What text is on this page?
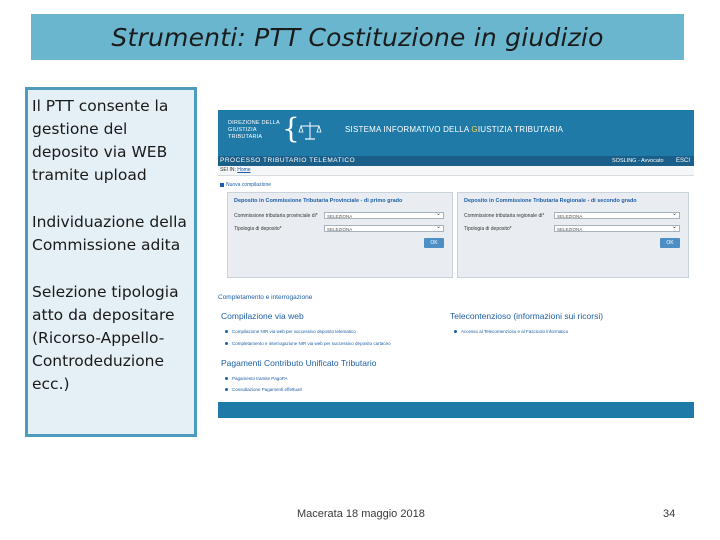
Strumenti: PTT Costituzione in giudizio

Il PTT consente la gestione del deposito via WEB tramite upload

Individuazione della Commissione adita

Selezione tipologia atto da depositare (Ricorso-Appello-Controdeduzione ecc.)

DIREZIONE DELLA
GIUSTIZIA TRIBUTARIA {	SISTEMA INFORMATIVO DELLA GIUSTIZIA TRIBUTARIA
PROCESSO TRIBUTARIO TELEMATICO	SOSLING - Avvocato ESCI
SEI IN: Home
Nuova compilazione
Deposito in Commissione Tributaria Provinciale - di primo grado
Commissione tributaria provinciale di*	SELEZIONA ⌄
Tipologia di deposito*	SELEZIONA ⌄
OK
Deposito in Commissione Tributaria Regionale - di secondo grado
Commissione tributaria regionale di*	SELEZIONA ⌄
Tipologia di deposito*	SELEZIONA ⌄
OK
Completamento e interrogazione
Compilazione via web
Compilazione NIR via web per successivo deposito telematico
Completamento e interrogazione NIR via web per successivo deposito cartaceo
Telecontenzioso (informazioni sui ricorsi)
Accesso al Telecontenzioso e al Fascicolo informatico
Pagamenti Contributo Unificato Tributario
Pagamento tramite PagoPA
Consultazione Pagamenti effettuati
Macerata 18 maggio 2018	34
